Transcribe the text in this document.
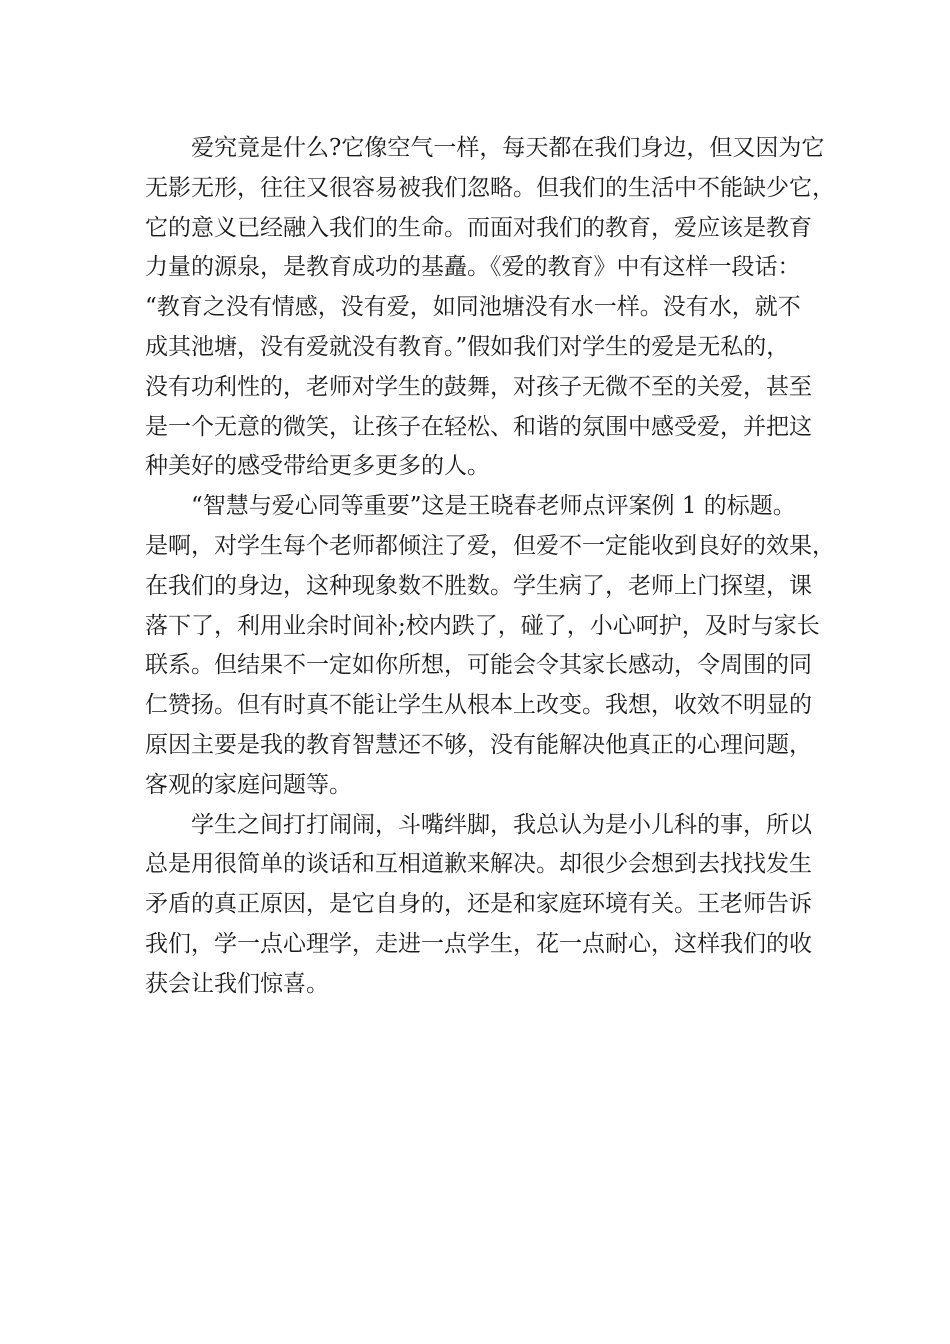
爱究竟是什么?它像空气一样，每天都在我们身边，但又因为它
无影无形，往往又很容易被我们忽略。但我们的生活中不能缺少它，
它的意义已经融入我们的生命。而面对我们的教育，爱应该是教育
力量的源泉，是教育成功的基矗。《爱的教育》中有这样一段话：
“教育之没有情感，没有爱，如同池塘没有水一样。没有水，就不
成其池塘，没有爱就没有教育。”假如我们对学生的爱是无私的，
没有功利性的，老师对学生的鼓舞，对孩子无微不至的关爱，甚至
是一个无意的微笑，让孩子在轻松、和谐的氛围中感受爱，并把这
种美好的感受带给更多更多的人。
“智慧与爱心同等重要”这是王晓春老师点评案例 1 的标题。
是啊，对学生每个老师都倾注了爱，但爱不一定能收到良好的效果，
在我们的身边，这种现象数不胜数。学生病了，老师上门探望，课
落下了，利用业余时间补;校内跌了，碰了，小心呵护，及时与家长
联系。但结果不一定如你所想，可能会令其家长感动，令周围的同
仁赞扬。但有时真不能让学生从根本上改变。我想，收效不明显的
原因主要是我的教育智慧还不够，没有能解决他真正的心理问题，
客观的家庭问题等。
学生之间打打闹闹，斗嘴绊脚，我总认为是小儿科的事，所以
总是用很简单的谈话和互相道歉来解决。却很少会想到去找找发生
矛盾的真正原因，是它自身的，还是和家庭环境有关。王老师告诉
我们，学一点心理学，走进一点学生，花一点耐心，这样我们的收
获会让我们惊喜。
